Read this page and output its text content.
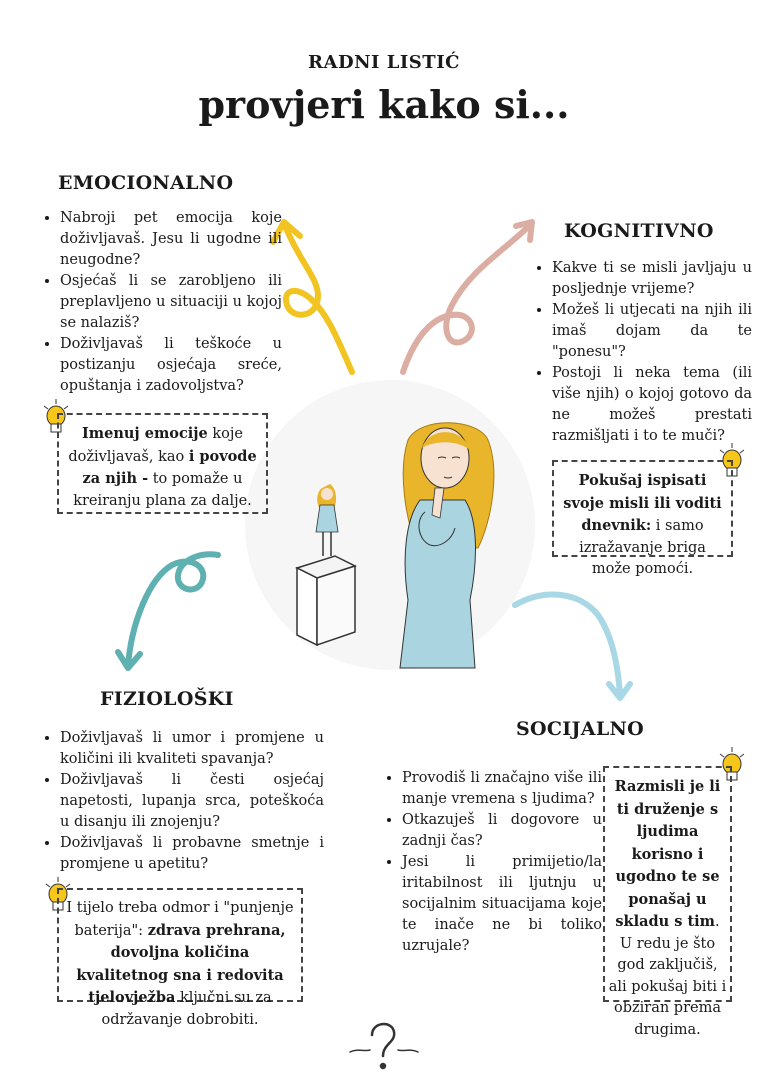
RADNI LISTIĆ
provjeri kako si...
EMOCIONALNO
• Nabroji pet emocija koje doživljavaš. Jesu li ugodne ili neugodne?
• Osjećaš li se zarobljeno ili preplavljeno u situaciji u kojoj se nalaziš?
• Doživljavaš li teškoće u postizanju osjećaja sreće, opuštanja i zadovoljstva?
Imenuj emocije koje doživljavaš, kao i povode za njih - to pomaže u kreiranju plana za dalje.
KOGNITIVNO
• Kakve ti se misli javljaju u posljednje vrijeme?
• Možeš li utjecati na njih ili imaš dojam da te "ponesu"?
• Postoji li neka tema (ili više njih) o kojoj gotovo da ne možeš prestati razmišljati i to te muči?
Pokušaj ispisati svoje misli ili voditi dnevnik: i samo izražavanje briga može pomoći.
FIZIOLOŠKI
• Doživljavaš li umor i promjene u količini ili kvaliteti spavanja?
• Doživljavaš li česti osjećaj napetosti, lupanja srca, poteškoća u disanju ili znojenju?
• Doživljavaš li probavne smetnje i promjene u apetitu?
I tijelo treba odmor i "punjenje baterija": zdrava prehrana, dovoljna količina kvalitetnog sna i redovita tjelovježba ključni su za održavanje dobrobiti.
SOCIJALNO
• Provodiš li značajno više ili manje vremena s ljudima?
• Otkazuješ li dogovore u zadnji čas?
• Jesi li primijetio/la iritabilnost ili ljutnju u socijalnim situacijama koje te inače ne bi toliko uzrujale?
Razmisli je li ti druženje s ljudima korisno i ugodno te se ponašaj u skladu s tim. U redu je što god zaključiš, ali pokušaj biti i obziran prema drugima.
